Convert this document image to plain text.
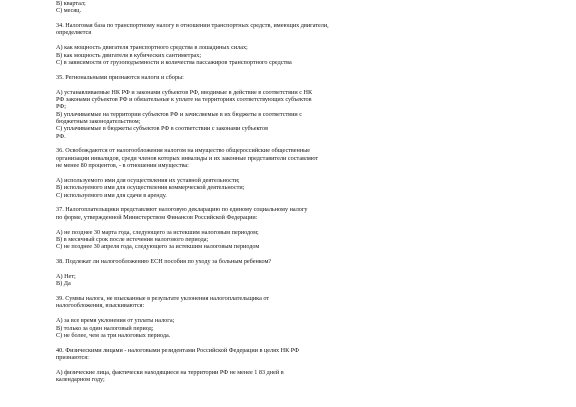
В) квартал;
С) месяц.
34. Налоговая база по транспортному налогу в отношении транспортных средств, имеющих двигатели,
определяется
А) как мощность двигателя транспортного средства в лошадиных силах;
В) как мощность двигателя в кубических сантиметрах;
С) в зависимости от грузоподъемности и количества пассажиров транспортного средства
35. Региональными признаются налоги и сборы:
А) устанавливаемые НК РФ и законами субъектов РФ, вводимые в действие в соответствии с НК
РФ законами субъектов РФ и обязательные к уплате на территориях соответствующих субъектов
РФ;
В) уплачиваемые на территории субъектов РФ и зачисляемые в их бюджеты в соответствии с
бюджетным законодательством;
С) уплачиваемые в бюджеты субъектов РФ в соответствии с законами субъектов
РФ.
36. Освобождаются от налогообложения налогом на имущество общероссийские общественные
организации инвалидов, среди членов которых инвалиды и их законные представители составляют
не менее 80 процентов, - в отношении имущества:
А) используемого ими для осуществления их уставной деятельности;
В) используемого ими для осуществления коммерческой деятельности;
С) используемого ими для сдачи в аренду.
37. Налогоплательщики представляют налоговую декларацию по единому социальному налогу
по форме, утвержденной Министерством Финансов Российской Федерации:
А) не позднее 30 марта года, следующего за истекшим налоговым периодом;
В) в месячный срок после истечения налогового периода;
С) не позднее 30 апреля года, следующего за истекшим налоговым периодом
38. Подлежат ли налогообложению ЕСН пособия по уходу за больным ребенком?
А) Нет;
В) Да
39. Суммы налога, не взысканные в результате уклонения налогоплательщика от
налогообложения, взыскиваются:
А) за все время уклонения от уплаты налога;
В) только за один налоговый период;
С) не более, чем за три налоговых периода.
40. Физическими лицами - налоговыми резидентами Российской Федерации в целях НК РФ
признаются:
А) физические лица, фактически находящиеся на территории РФ не менее 1 83 дней в
календарном году;
